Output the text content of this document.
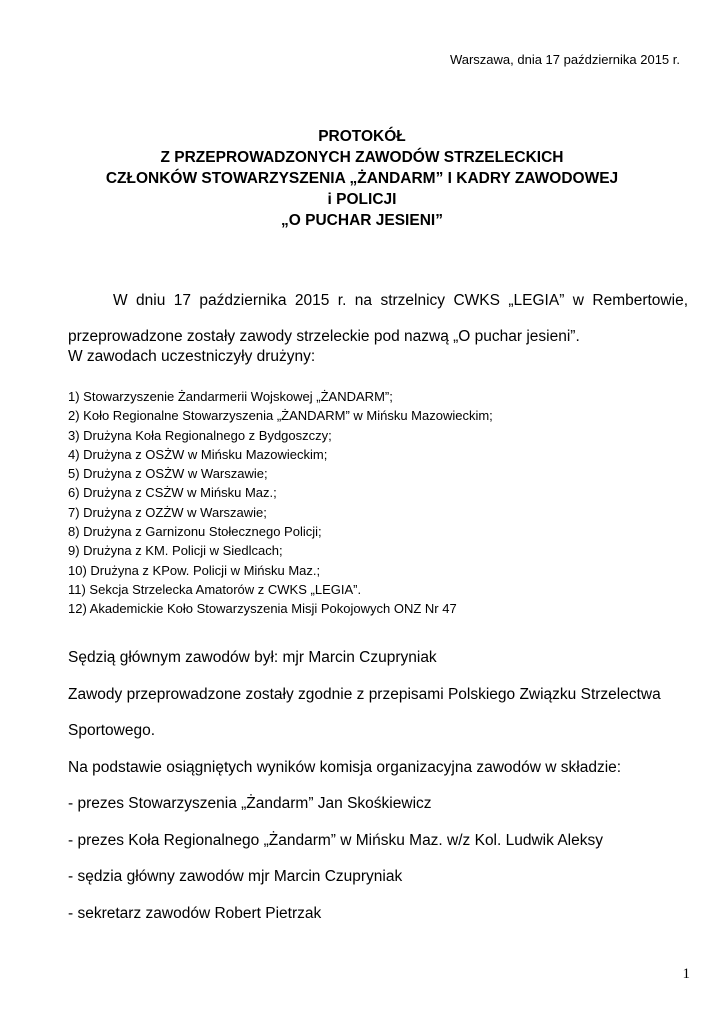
Warszawa, dnia 17 października 2015 r.
PROTOKÓŁ
Z PRZEPROWADZONYCH ZAWODÓW STRZELECKICH
CZŁONKÓW STOWARZYSZENIA „ŻANDARM” I KADRY ZAWODOWEJ
i POLICJI
„O PUCHAR JESIENI”
W dniu 17 października 2015 r. na strzelnicy CWKS „LEGIA” w Rembertowie,
przeprowadzone zostały zawody strzeleckie pod nazwą „O puchar jesieni”.
W zawodach uczestniczyły drużyny:
1) Stowarzyszenie Żandarmerii Wojskowej „ŻANDARM”;
2) Koło Regionalne Stowarzyszenia „ŻANDARM” w Mińsku Mazowieckim;
3) Drużyna Koła Regionalnego z Bydgoszczy;
4) Drużyna z OSŻW w Mińsku Mazowieckim;
5) Drużyna z OSŻW w Warszawie;
6) Drużyna z CSŻW w Mińsku Maz.;
7) Drużyna z OZŻW w Warszawie;
8) Drużyna z Garnizonu Stołecznego Policji;
9) Drużyna z KM. Policji w Siedlcach;
10) Drużyna z KPow. Policji w Mińsku Maz.;
11) Sekcja Strzelecka Amatorów z CWKS „LEGIA”.
12) Akademickie Koło Stowarzyszenia Misji Pokojowych ONZ Nr 47
Sędzią głównym zawodów był: mjr Marcin Czupryniak
Zawody przeprowadzone zostały zgodnie z przepisami Polskiego Związku Strzelectwa
Sportowego.
Na podstawie osiągniętych wyników komisja organizacyjna zawodów w składzie:
- prezes Stowarzyszenia „Żandarm” Jan Skośkiewicz
- prezes Koła Regionalnego „Żandarm” w Mińsku Maz. w/z Kol. Ludwik Aleksy
- sędzia główny zawodów mjr Marcin Czupryniak
- sekretarz zawodów Robert Pietrzak
1
